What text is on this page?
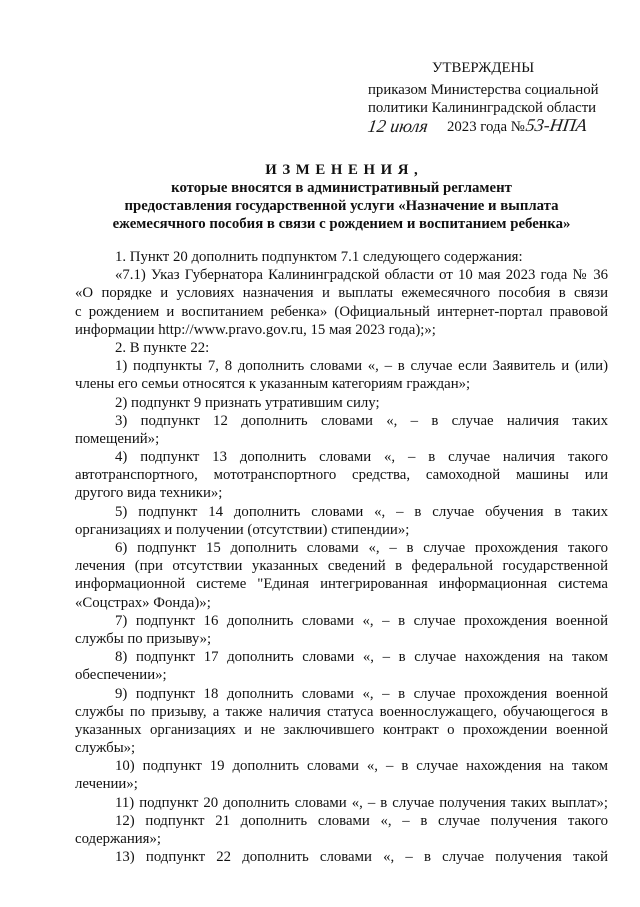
УТВЕРЖДЕНЫ
приказом Министерства социальной
политики Калининградской области
12 июля 2023 года № 53-НПА
ИЗМЕНЕНИЯ,
которые вносятся в административный регламент
предоставления государственной услуги «Назначение и выплата
ежемесячного пособия в связи с рождением и воспитанием ребенка»
1. Пункт 20 дополнить подпунктом 7.1 следующего содержания:
«7.1) Указ Губернатора Калининградской области от 10 мая 2023 года № 36
«О порядке и условиях назначения и выплаты ежемесячного пособия в связи
с рождением и воспитанием ребенка» (Официальный интернет-портал правовой
информации http://www.pravo.gov.ru, 15 мая 2023 года);»;
2. В пункте 22:
1) подпункты 7, 8 дополнить словами «, – в случае если Заявитель и (или)
члены его семьи относятся к указанным категориям граждан»;
2) подпункт 9 признать утратившим силу;
3) подпункт 12 дополнить словами «, – в случае наличия таких
помещений»;
4) подпункт 13 дополнить словами «, – в случае наличия такого
автотранспортного, мототранспортного средства, самоходной машины или
другого вида техники»;
5) подпункт 14 дополнить словами «, – в случае обучения в таких
организациях и получении (отсутствии) стипендии»;
6) подпункт 15 дополнить словами «, – в случае прохождения такого
лечения (при отсутствии указанных сведений в федеральной государственной
информационной системе "Единая интегрированная информационная система
«Соцстрах» Фонда)»;
7) подпункт 16 дополнить словами «, – в случае прохождения военной
службы по призыву»;
8) подпункт 17 дополнить словами «, – в случае нахождения на таком
обеспечении»;
9) подпункт 18 дополнить словами «, – в случае прохождения военной
службы по призыву, а также наличия статуса военнослужащего, обучающегося в
указанных организациях и не заключившего контракт о прохождении военной
службы»;
10) подпункт 19 дополнить словами «, – в случае нахождения на таком
лечении»;
11) подпункт 20 дополнить словами «, – в случае получения таких выплат»;
12) подпункт 21 дополнить словами «, – в случае получения такого
содержания»;
13) подпункт 22 дополнить словами «, – в случае получения такой
